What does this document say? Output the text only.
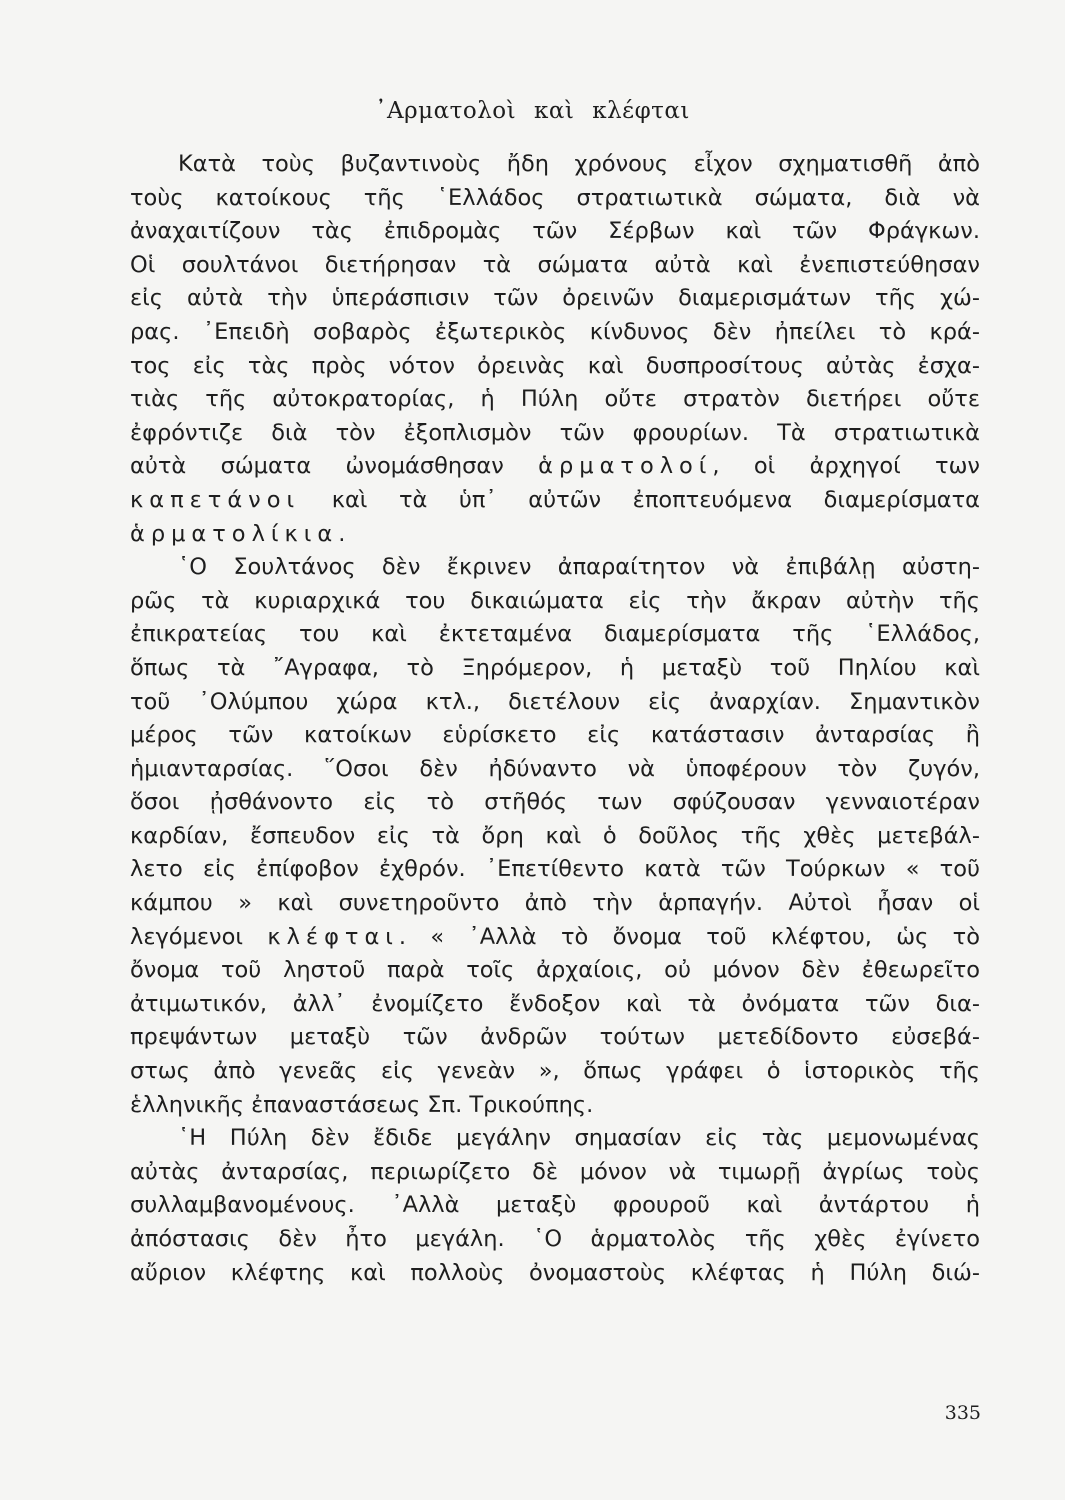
᾿Αρματολοὶ καὶ κλέφται
Κατὰ τοὺς βυζαντινοὺς ἤδη χρόνους εἶχον σχηματισθῆ ἀπὸ
τοὺς κατοίκους τῆς ῾Ελλάδος στρατιωτικὰ σώματα, διὰ νὰ
ἀναχαιτίζουν τὰς ἐπιδρομὰς τῶν Σέρβων καὶ τῶν Φράγκων.
Οἱ σουλτάνοι διετήρησαν τὰ σώματα αὐτὰ καὶ ἐνεπιστεύθησαν
εἰς αὐτὰ τὴν ὑπεράσπισιν τῶν ὀρεινῶν διαμερισμάτων τῆς χώ-
ρας. ᾿Επειδὴ σοβαρὸς ἐξωτερικὸς κίνδυνος δὲν ἠπείλει τὸ κρά-
τος εἰς τὰς πρὸς νότον ὀρεινὰς καὶ δυσπροσίτους αὐτὰς ἐσχα-
τιὰς τῆς αὐτοκρατορίας, ἡ Πύλη οὔτε στρατὸν διετήρει οὔτε
ἐφρόντιζε διὰ τὸν ἐξοπλισμὸν τῶν φρουρίων. Τὰ στρατιωτικὰ
αὐτὰ σώματα ὠνομάσθησαν ἁρματολοί, οἱ ἀρχηγοί των
καπετάνοι καὶ τὰ ὑπ᾿ αὐτῶν ἐποπτευόμενα διαμερίσματα
ἁρματολίκια.
῾Ο Σουλτάνος δὲν ἔκρινεν ἀπαραίτητον νὰ ἐπιβάλῃ αὐστη-
ρῶς τὰ κυριαρχικά του δικαιώματα εἰς τὴν ἄκραν αὐτὴν τῆς
ἐπικρατείας του καὶ ἐκτεταμένα διαμερίσματα τῆς ῾Ελλάδος,
ὅπως τὰ ῎Αγραφα, τὸ Ξηρόμερον, ἡ μεταξὺ τοῦ Πηλίου καὶ
τοῦ ᾿Ολύμπου χώρα κτλ., διετέλουν εἰς ἀναρχίαν. Σημαντικὸν
μέρος τῶν κατοίκων εὑρίσκετο εἰς κατάστασιν ἀνταρσίας ἢ
ἡμιανταρσίας. ῞Οσοι δὲν ἠδύναντο νὰ ὑποφέρουν τὸν ζυγόν,
ὅσοι ᾐσθάνοντο εἰς τὸ στῆθός των σφύζουσαν γενναιοτέραν
καρδίαν, ἔσπευδον εἰς τὰ ὄρη καὶ ὁ δοῦλος τῆς χθὲς μετεβάλ-
λετο εἰς ἐπίφοβον ἐχθρόν. ᾿Επετίθεντο κατὰ τῶν Τούρκων « τοῦ
κάμπου » καὶ συνετηροῦντο ἀπὸ τὴν ἁρπαγήν. Αὐτοὶ ἦσαν οἱ
λεγόμενοι κλέφται. « ᾿Αλλὰ τὸ ὄνομα τοῦ κλέφτου, ὡς τὸ
ὄνομα τοῦ ληστοῦ παρὰ τοῖς ἀρχαίοις, οὐ μόνον δὲν ἐθεωρεῖτο
ἀτιμωτικόν, ἀλλ᾿ ἐνομίζετο ἔνδοξον καὶ τὰ ὀνόματα τῶν δια-
πρεψάντων μεταξὺ τῶν ἀνδρῶν τούτων μετεδίδοντο εὐσεβά-
στως ἀπὸ γενεᾶς εἰς γενεὰν », ὅπως γράφει ὁ ἱστορικὸς τῆς
ἑλληνικῆς ἐπαναστάσεως Σπ. Τρικούπης.
῾Η Πύλη δὲν ἔδιδε μεγάλην σημασίαν εἰς τὰς μεμονωμένας
αὐτὰς ἀνταρσίας, περιωρίζετο δὲ μόνον νὰ τιμωρῇ ἀγρίως τοὺς
συλλαμβανομένους. ᾿Αλλὰ μεταξὺ φρουροῦ καὶ ἀντάρτου ἡ
ἀπόστασις δὲν ἦτο μεγάλη. ῾Ο ἁρματολὸς τῆς χθὲς ἐγίνετο
αὔριον κλέφτης καὶ πολλοὺς ὀνομαστοὺς κλέφτας ἡ Πύλη διώ-
335
